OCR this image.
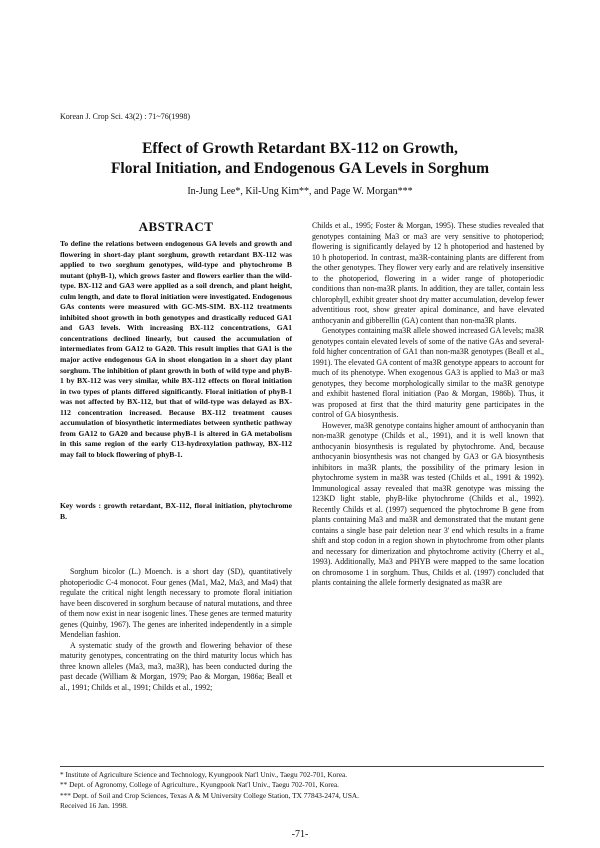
Korean J. Crop Sci. 43(2) : 71~76(1998)
Effect of Growth Retardant BX-112 on Growth,
Floral Initiation, and Endogenous GA Levels in Sorghum
In-Jung Lee*, Kil-Ung Kim**, and Page W. Morgan***
ABSTRACT
To define the relations between endogenous GA levels and growth and flowering in short-day plant sorghum, growth retardant BX-112 was applied to two sorghum genotypes, wild-type and phytochrome B mutant (phyB-1), which grows faster and flowers earlier than the wild-type. BX-112 and GA3 were applied as a soil drench, and plant height, culm length, and date to floral initiation were investigated. Endogenous GAs contents were measured with GC-MS-SIM. BX-112 treatments inhibited shoot growth in both genotypes and drastically reduced GA1 and GA3 levels. With increasing BX-112 concentrations, GA1 concentrations declined linearly, but caused the accumulation of intermediates from GA12 to GA20. This result implies that GA1 is the major active endogenous GA in shoot elongation in a short day plant sorghum. The inhibition of plant growth in both of wild type and phyB-1 by BX-112 was very similar, while BX-112 effects on floral initiation in two types of plants differed significantly. Floral initiation of phyB-1 was not affected by BX-112, but that of wild-type was delayed as BX-112 concentration increased. Because BX-112 treatment causes accumulation of biosynthetic intermediates between synthetic pathway from GA12 to GA20 and because phyB-1 is altered in GA metabolism in this same region of the early C13-hydroxylation pathway, BX-112 may fail to block flowering of phyB-1.
Key words : growth retardant, BX-112, floral initiation, phytochrome B.

Sorghum bicolor (L.) Moench. is a short day (SD), quantitatively photoperiodic C-4 monocot. Four genes (Ma1, Ma2, Ma3, and Ma4) that regulate the critical night length necessary to promote floral initiation have been discovered in sorghum because of natural mutations, and three of them now exist in near isogenic lines. These genes are termed maturity genes (Quinby, 1967). The genes are inherited independently in a simple Mendelian fashion.

A systematic study of the growth and flowering behavior of these maturity genotypes, concentrating on the third maturity locus which has three known alleles (Ma3, ma3, ma3R), has been conducted during the past decade (William & Morgan, 1979; Pao & Morgan, 1986a; Beall et al., 1991; Childs et al., 1991; Childs et al., 1992;

Childs et al., 1995; Foster & Morgan, 1995). These studies revealed that genotypes containing Ma3 or ma3 are very sensitive to photoperiod; flowering is significantly delayed by 12 h photoperiod and hastened by 10 h photoperiod. In contrast, ma3R-containing plants are different from the other genotypes. They flower very early and are relatively insensitive to the photoperiod, flowering in a wider range of photoperiodic conditions than non-ma3R plants. In addition, they are taller, contain less chlorophyll, exhibit greater shoot dry matter accumulation, develop fewer adventitious root, show greater apical dominance, and have elevated anthocyanin and gibberellin (GA) content than non-ma3R plants.

Genotypes containing ma3R allele showed increased GA levels; ma3R genotypes contain elevated levels of some of the native GAs and several-fold higher concentration of GA1 than non-ma3R genotypes (Beall et al., 1991). The elevated GA content of ma3R genotype appears to account for much of its phenotype. When exogenous GA3 is applied to Ma3 or ma3 genotypes, they become morphologically similar to the ma3R genotype and exhibit hastened floral initiation (Pao & Morgan, 1986b). Thus, it was proposed at first that the third maturity gene participates in the control of GA biosynthesis.

However, ma3R genotype contains higher amount of anthocyanin than non-ma3R genotype (Childs et al., 1991), and it is well known that anthocyanin biosynthesis is regulated by phytochrome. And, because anthocyanin biosynthesis was not changed by GA3 or GA biosynthesis inhibitors in ma3R plants, the possibility of the primary lesion in phytochrome system in ma3R was tested (Childs et al., 1991 & 1992). Immunological assay revealed that ma3R genotype was missing the 123KD light stable, phyB-like phytochrome (Childs et al., 1992). Recently Childs et al. (1997) sequenced the phytochrome B gene from plants containing Ma3 and ma3R and demonstrated that the mutant gene contains a single base pair deletion near 3' end which results in a frame shift and stop codon in a region shown in phytochrome from other plants and necessary for dimerization and phytochrome activity (Cherry et al., 1993). Additionally, Ma3 and PHYB were mapped to the same location on chromosome 1 in sorghum. Thus, Childs et al. (1997) concluded that plants containing the allele formerly designated as ma3R are

* Institute of Agriculture Science and Technology, Kyungpook Nat'l Univ., Taegu 702-701, Korea.
** Dept. of Agronomy, College of Agriculture., Kyungpook Nat'l Univ., Taegu 702-701, Korea.
*** Dept. of Soil and Crop Sciences, Texas A & M University College Station, TX 77843-2474, USA.
Received 16 Jan. 1998.
-71-
